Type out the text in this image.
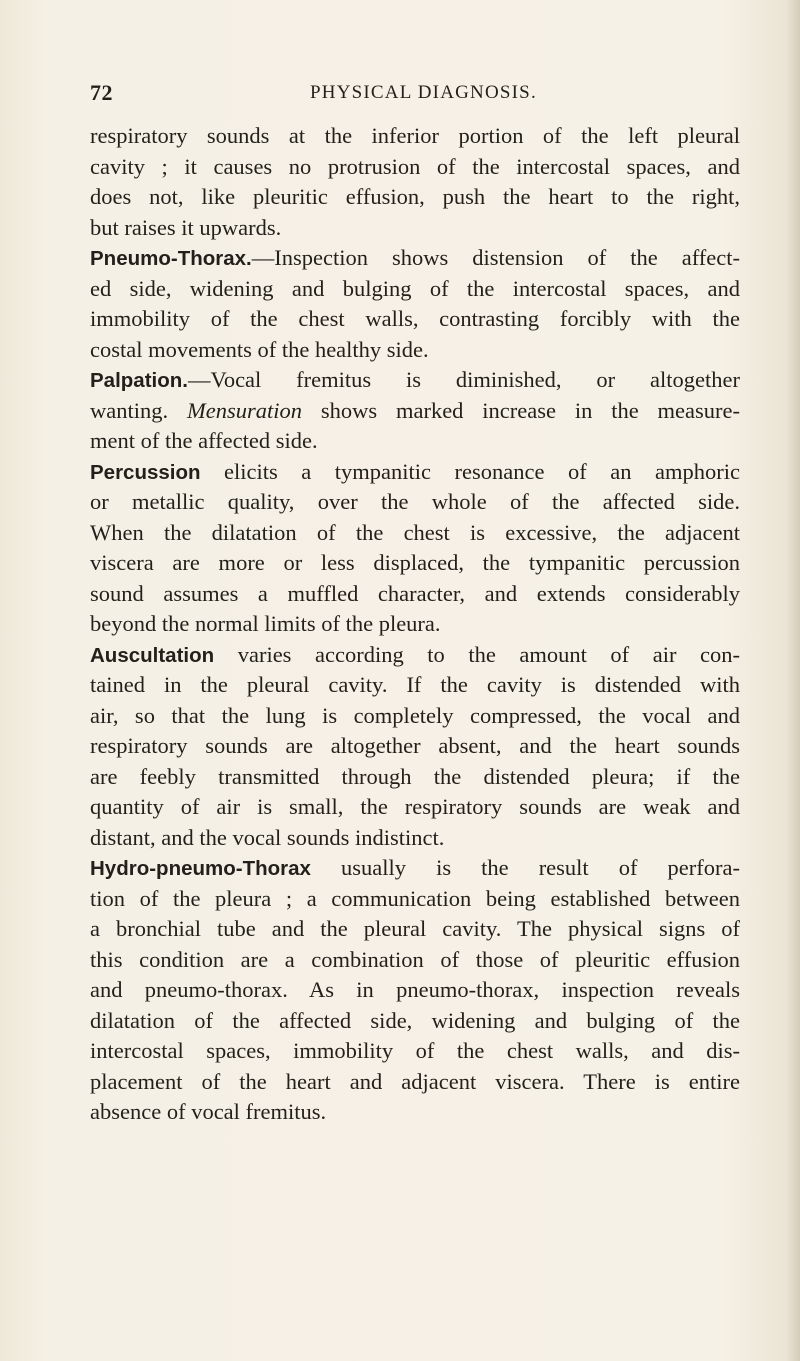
72	PHYSICAL DIAGNOSIS.
respiratory sounds at the inferior portion of the left pleural
cavity ; it causes no protrusion of the intercostal spaces, and
does not, like pleuritic effusion, push the heart to the right,
but raises it upwards.
Pneumo-Thorax.—Inspection shows distension of the affect-
ed side, widening and bulging of the intercostal spaces, and
immobility of the chest walls, contrasting forcibly with the
costal movements of the healthy side.
Palpation.—Vocal fremitus is diminished, or altogether
wanting. Mensuration shows marked increase in the measure-
ment of the affected side.
Percussion elicits a tympanitic resonance of an amphoric
or metallic quality, over the whole of the affected side.
When the dilatation of the chest is excessive, the adjacent
viscera are more or less displaced, the tympanitic percussion
sound assumes a muffled character, and extends considerably
beyond the normal limits of the pleura.
Auscultation varies according to the amount of air con-
tained in the pleural cavity. If the cavity is distended with
air, so that the lung is completely compressed, the vocal and
respiratory sounds are altogether absent, and the heart sounds
are feebly transmitted through the distended pleura; if the
quantity of air is small, the respiratory sounds are weak and
distant, and the vocal sounds indistinct.
Hydro-pneumo-Thorax usually is the result of perfora-
tion of the pleura ; a communication being established between
a bronchial tube and the pleural cavity. The physical signs of
this condition are a combination of those of pleuritic effusion
and pneumo-thorax. As in pneumo-thorax, inspection reveals
dilatation of the affected side, widening and bulging of the
intercostal spaces, immobility of the chest walls, and dis-
placement of the heart and adjacent viscera. There is entire
absence of vocal fremitus.
